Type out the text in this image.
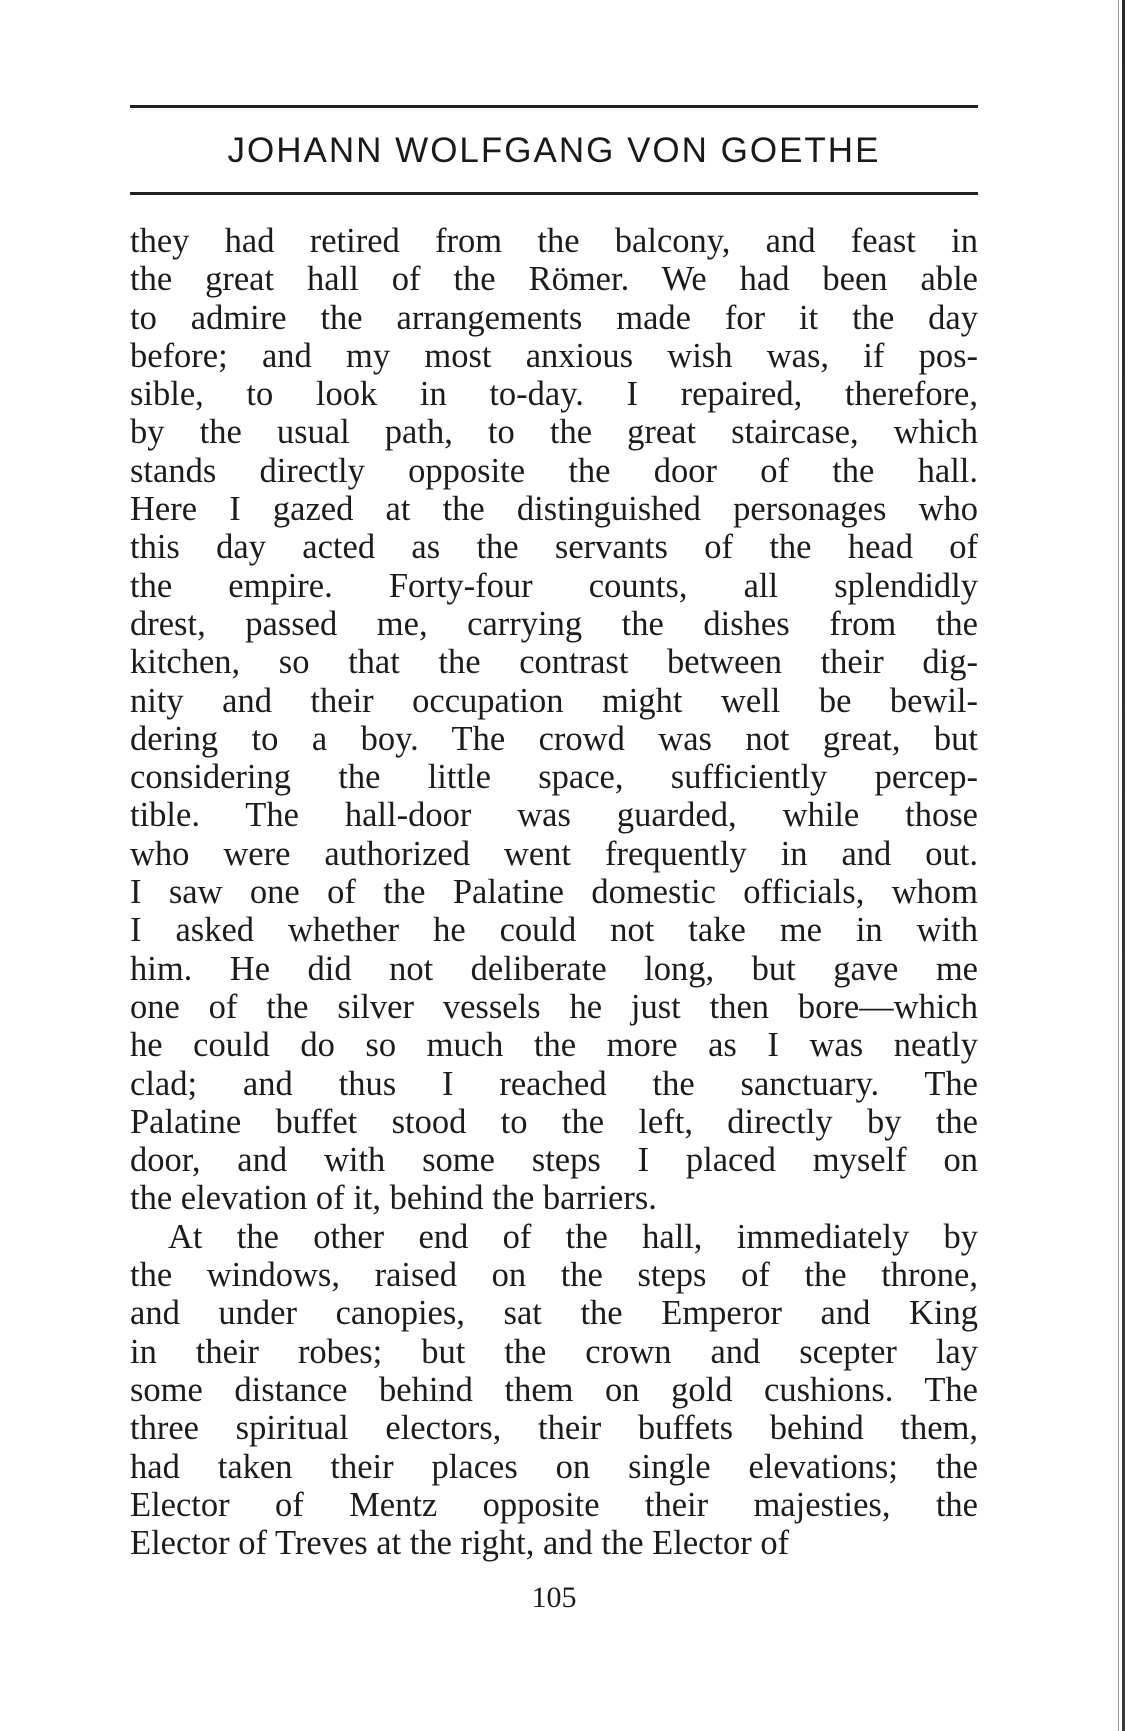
JOHANN WOLFGANG VON GOETHE
they had retired from the balcony, and feast in
the great hall of the Römer. We had been able
to admire the arrangements made for it the day
before; and my most anxious wish was, if pos-
sible, to look in to-day. I repaired, therefore,
by the usual path, to the great staircase, which
stands directly opposite the door of the hall.
Here I gazed at the distinguished personages who
this day acted as the servants of the head of
the empire. Forty-four counts, all splendidly
drest, passed me, carrying the dishes from the
kitchen, so that the contrast between their dig-
nity and their occupation might well be bewil-
dering to a boy. The crowd was not great, but
considering the little space, sufficiently percep-
tible. The hall-door was guarded, while those
who were authorized went frequently in and out.
I saw one of the Palatine domestic officials, whom
I asked whether he could not take me in with
him. He did not deliberate long, but gave me
one of the silver vessels he just then bore—which
he could do so much the more as I was neatly
clad; and thus I reached the sanctuary. The
Palatine buffet stood to the left, directly by the
door, and with some steps I placed myself on
the elevation of it, behind the barriers.
At the other end of the hall, immediately by
the windows, raised on the steps of the throne,
and under canopies, sat the Emperor and King
in their robes; but the crown and scepter lay
some distance behind them on gold cushions. The
three spiritual electors, their buffets behind them,
had taken their places on single elevations; the
Elector of Mentz opposite their majesties, the
Elector of Treves at the right, and the Elector of
105
